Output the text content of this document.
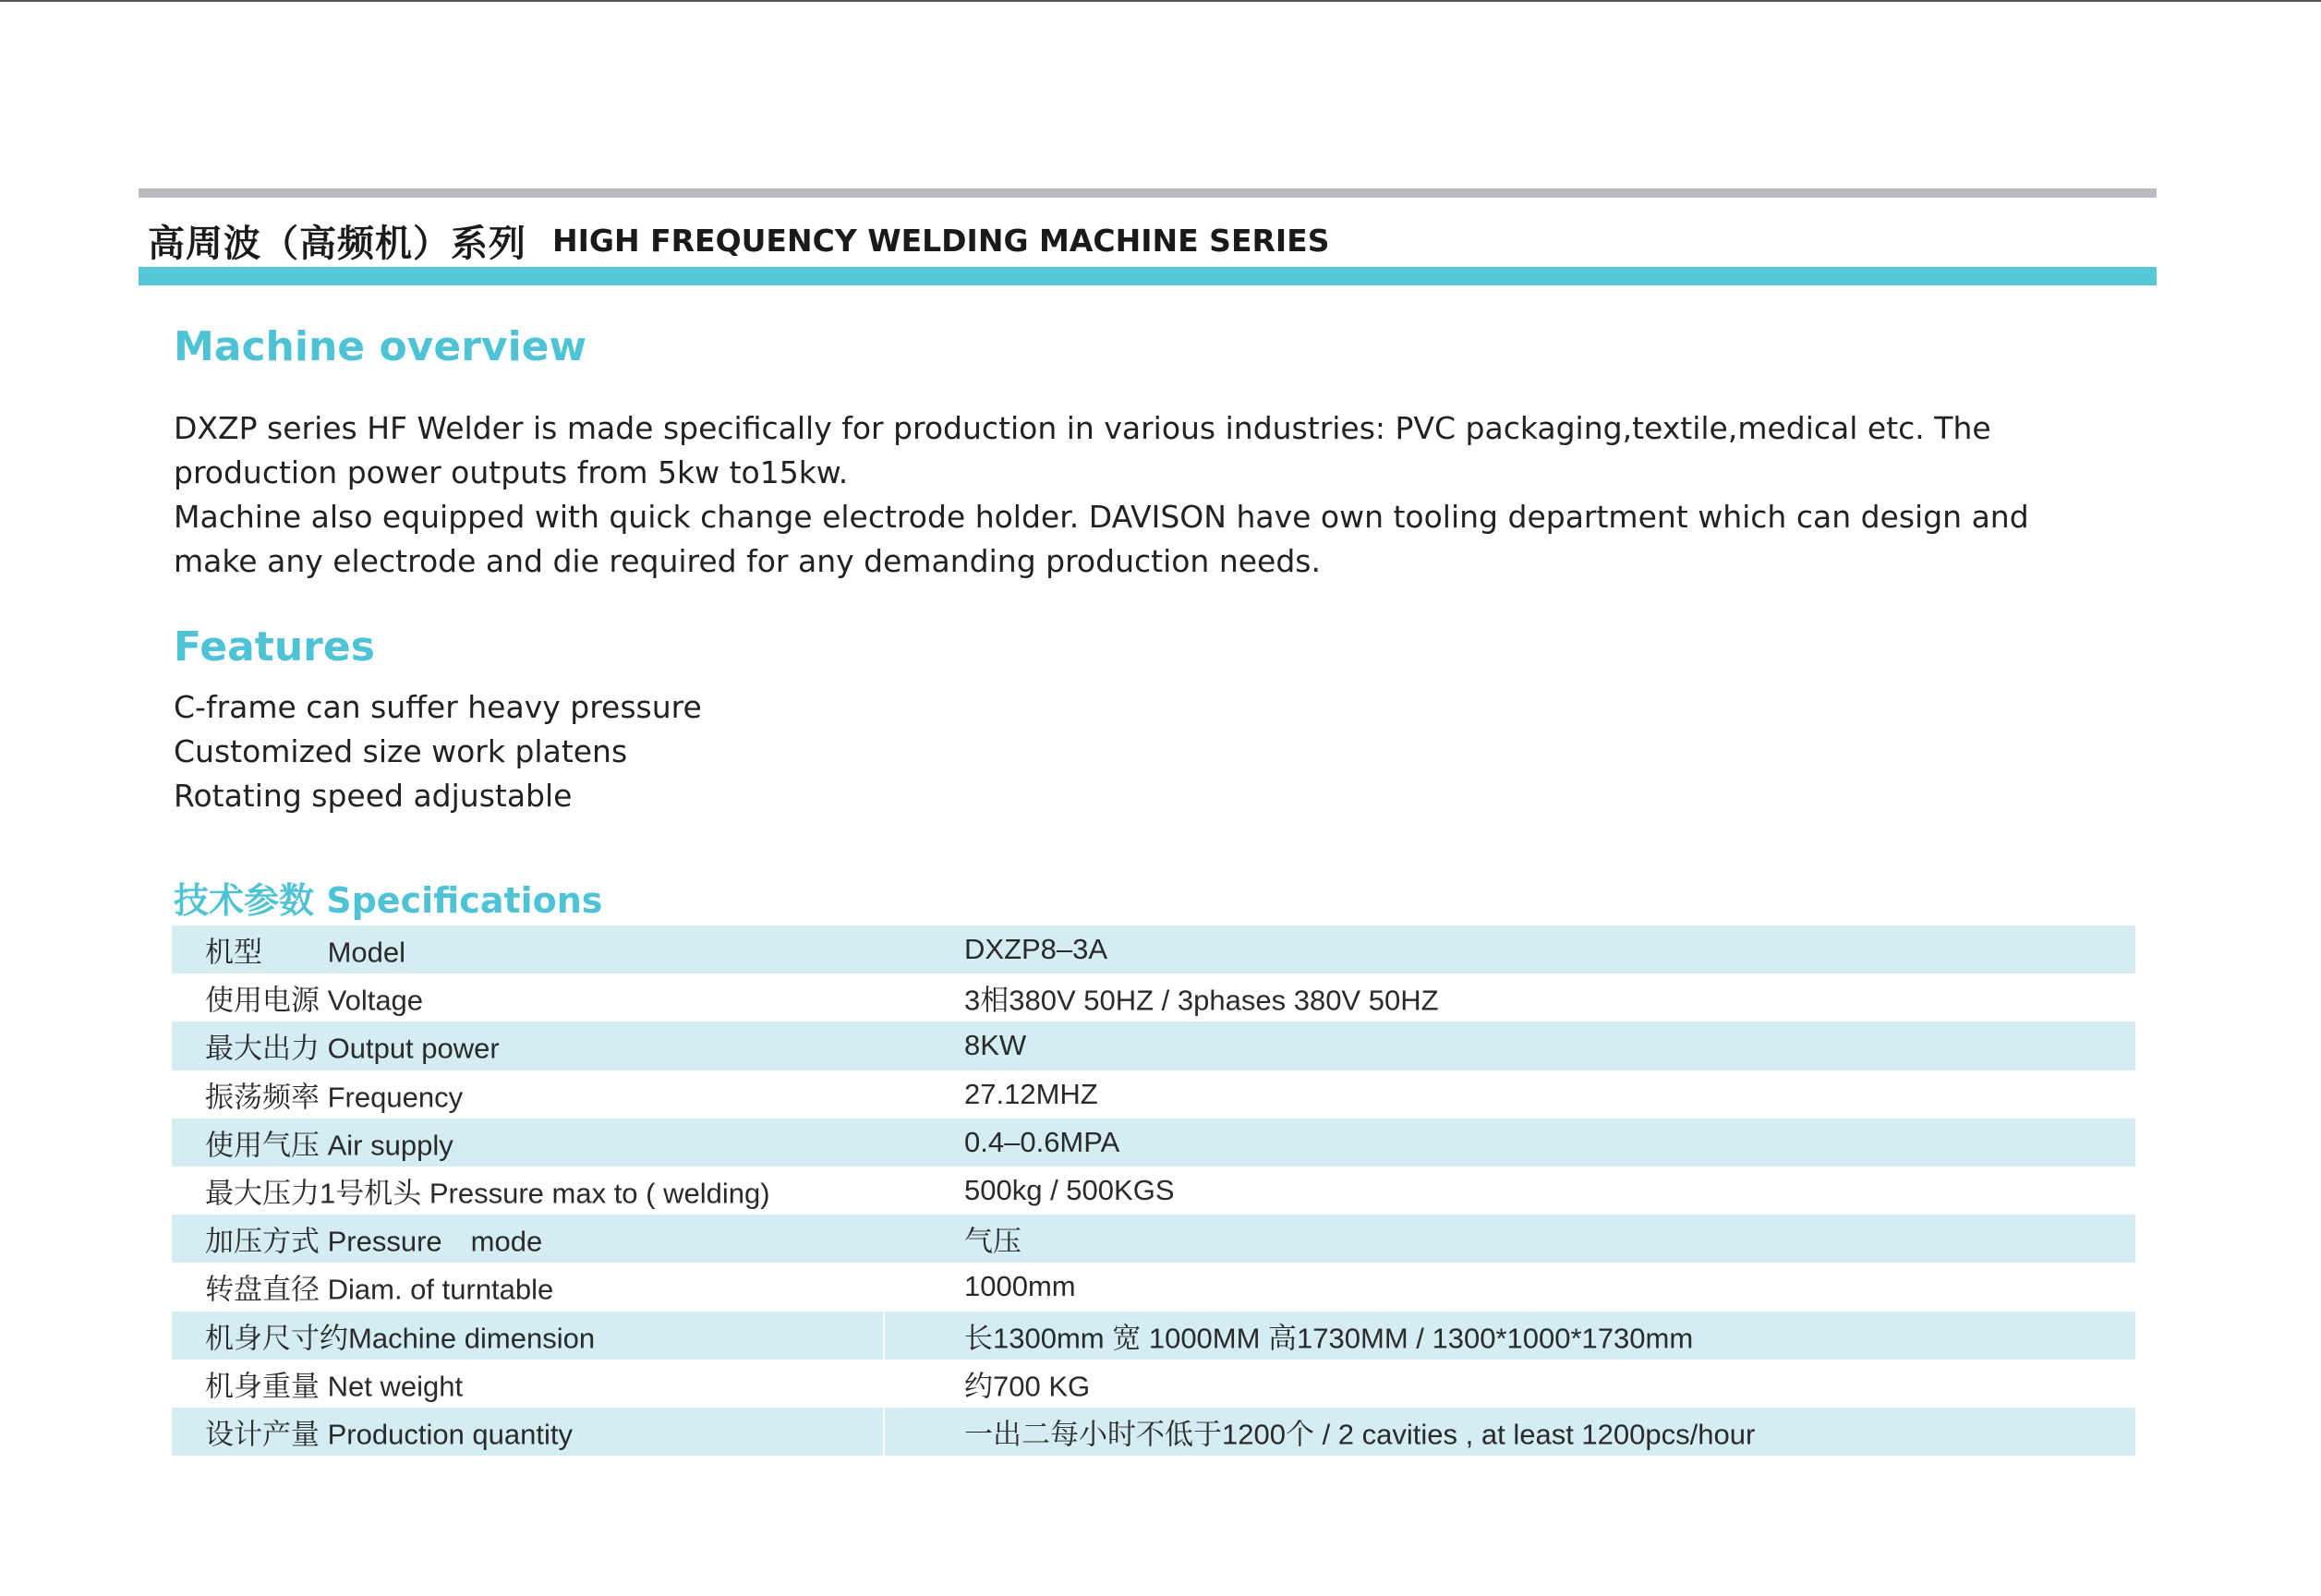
高周波（高频机）系列 HIGH FREQUENCY WELDING MACHINE SERIES
Machine overview
DXZP series HF Welder is made specifically for production in various industries: PVC packaging,textile,medical etc. The
production power outputs from 5kw to15kw.
Machine also equipped with quick change electrode holder. DAVISON have own tooling department which can design and
make any electrode and die required for any demanding production needs.
Features
C-frame can suffer heavy pressure
Customized size work platens
Rotating speed adjustable
技术参数 Specifications
机型　　 Model	DXZP8–3A
使用电源 Voltage	3相380V 50HZ / 3phases 380V 50HZ
最大出力 Output power	8KW
振荡频率 Frequency	27.12MHZ
使用气压 Air supply	0.4–0.6MPA
最大压力1号机头 Pressure max to ( welding)	500kg / 500KGS
加压方式 Pressure　mode	气压
转盘直径 Diam. of turntable	1000mm
机身尺寸约Machine dimension	长1300mm 宽 1000MM 高1730MM / 1300*1000*1730mm
机身重量 Net weight	约700 KG
设计产量 Production quantity	一出二每小时不低于1200个 / 2 cavities , at least 1200pcs/hour
